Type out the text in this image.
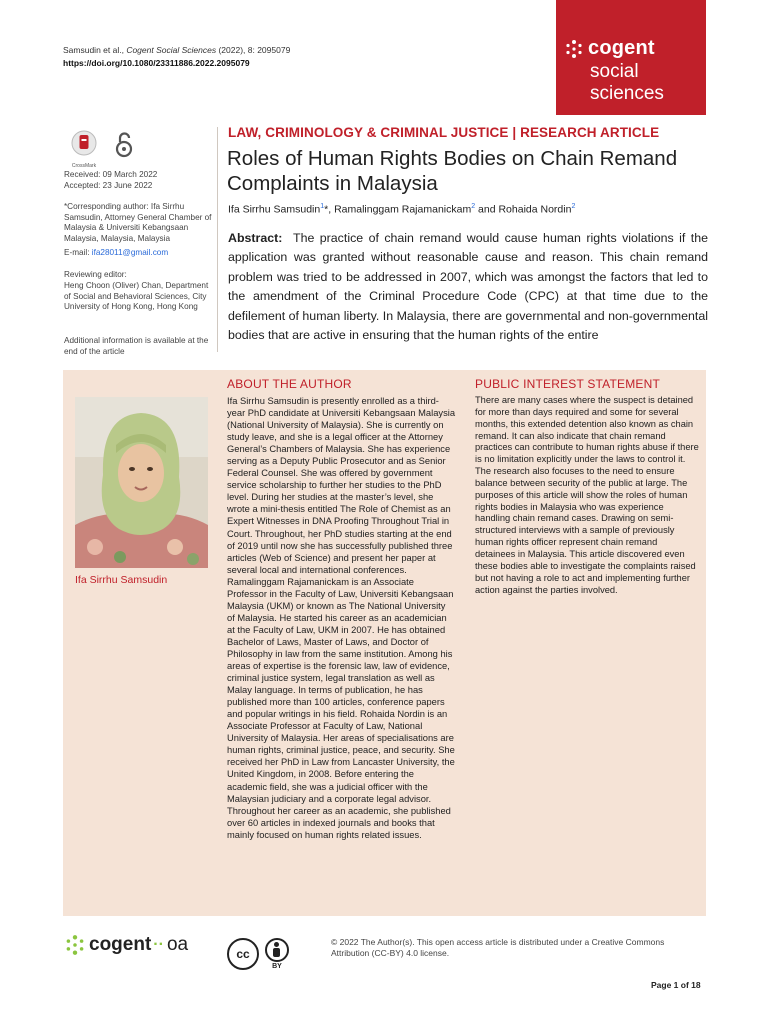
Samsudin et al., Cogent Social Sciences (2022), 8: 2095079
https://doi.org/10.1080/23311886.2022.2095079
cogent
social
sciences
CrossMark
Received: 09 March 2022
Accepted: 23 June 2022
*Corresponding author: Ifa Sirrhu Samsudin, Attorney General Chamber of Malaysia & Universiti Kebangsaan Malaysia, Malaysia, Malaysia
E-mail: ifa28011@gmail.com
Reviewing editor:
Heng Choon (Oliver) Chan, Department of Social and Behavioral Sciences, City University of Hong Kong, Hong Kong
Additional information is available at the end of the article
LAW, CRIMINOLOGY & CRIMINAL JUSTICE | RESEARCH ARTICLE
Roles of Human Rights Bodies on Chain Remand Complaints in Malaysia
Ifa Sirrhu Samsudin$^1$*, Ramalinggam Rajamanickam$^2$ and Rohaida Nordin$^2$
Abstract: The practice of chain remand would cause human rights violations if the application was granted without reasonable cause and reason. This chain remand problem was tried to be addressed in 2007, which was amongst the factors that led to the amendment of the Criminal Procedure Code (CPC) at that time due to the defilement of human liberty. In Malaysia, there are governmental and non-governmental bodies that are active in ensuring that the human rights of the entire
Ifa Sirrhu Samsudin
ABOUT THE AUTHOR
Ifa Sirrhu Samsudin is presently enrolled as a third-year PhD candidate at Universiti Kebangsaan Malaysia (National University of Malaysia). She is currently on study leave, and she is a legal officer at the Attorney General’s Chambers of Malaysia. She has experience serving as a Deputy Public Prosecutor and as Senior Federal Counsel. She was offered by government service scholarship to further her studies to the PhD level. During her studies at the master’s level, she wrote a mini-thesis entitled The Role of Chemist as an Expert Witnesses in DNA Proofing Throughout Trial in Court. Throughout, her PhD studies starting at the end of 2019 until now she has successfully published three articles (Web of Science) and present her paper at several local and international conferences. Ramalinggam Rajamanickam is an Associate Professor in the Faculty of Law, Universiti Kebangsaan Malaysia (UKM) or known as The National University of Malaysia. He started his career as an academician at the Faculty of Law, UKM in 2007. He has obtained Bachelor of Laws, Master of Laws, and Doctor of Philosophy in law from the same institution. Among his areas of expertise is the forensic law, law of evidence, criminal justice system, legal translation as well as Malay language. In terms of publication, he has published more than 100 articles, conference papers and popular writings in his field. Rohaida Nordin is an Associate Professor at Faculty of Law, National University of Malaysia. Her areas of specialisations are human rights, criminal justice, peace, and security. She received her PhD in Law from Lancaster University, the United Kingdom, in 2008. Before entering the academic field, she was a judicial officer with the Malaysian judiciary and a corporate legal advisor. Throughout her career as an academic, she published over 60 articles in indexed journals and books that mainly focused on human rights related issues.
PUBLIC INTEREST STATEMENT
There are many cases where the suspect is detained for more than days required and some for several months, this extended detention also known as chain remand. It can also indicate that chain remand practices can contribute to human rights abuse if there is no limitation explicitly under the laws to control it. The research also focuses to the need to ensure balance between security of the public at large. The purposes of this article will show the roles of human rights bodies in Malaysia who was experience handling chain remand cases. Drawing on semi-structured interviews with a sample of previously human rights officer represent chain remand detainees in Malaysia. This article discovered even these bodies able to investigate the complaints raised but not having a role to act and implementing further action against the parties involved.
cogent ·· oa	cc
BY
© 2022 The Author(s). This open access article is distributed under a Creative Commons Attribution (CC-BY) 4.0 license.
Page 1 of 18
